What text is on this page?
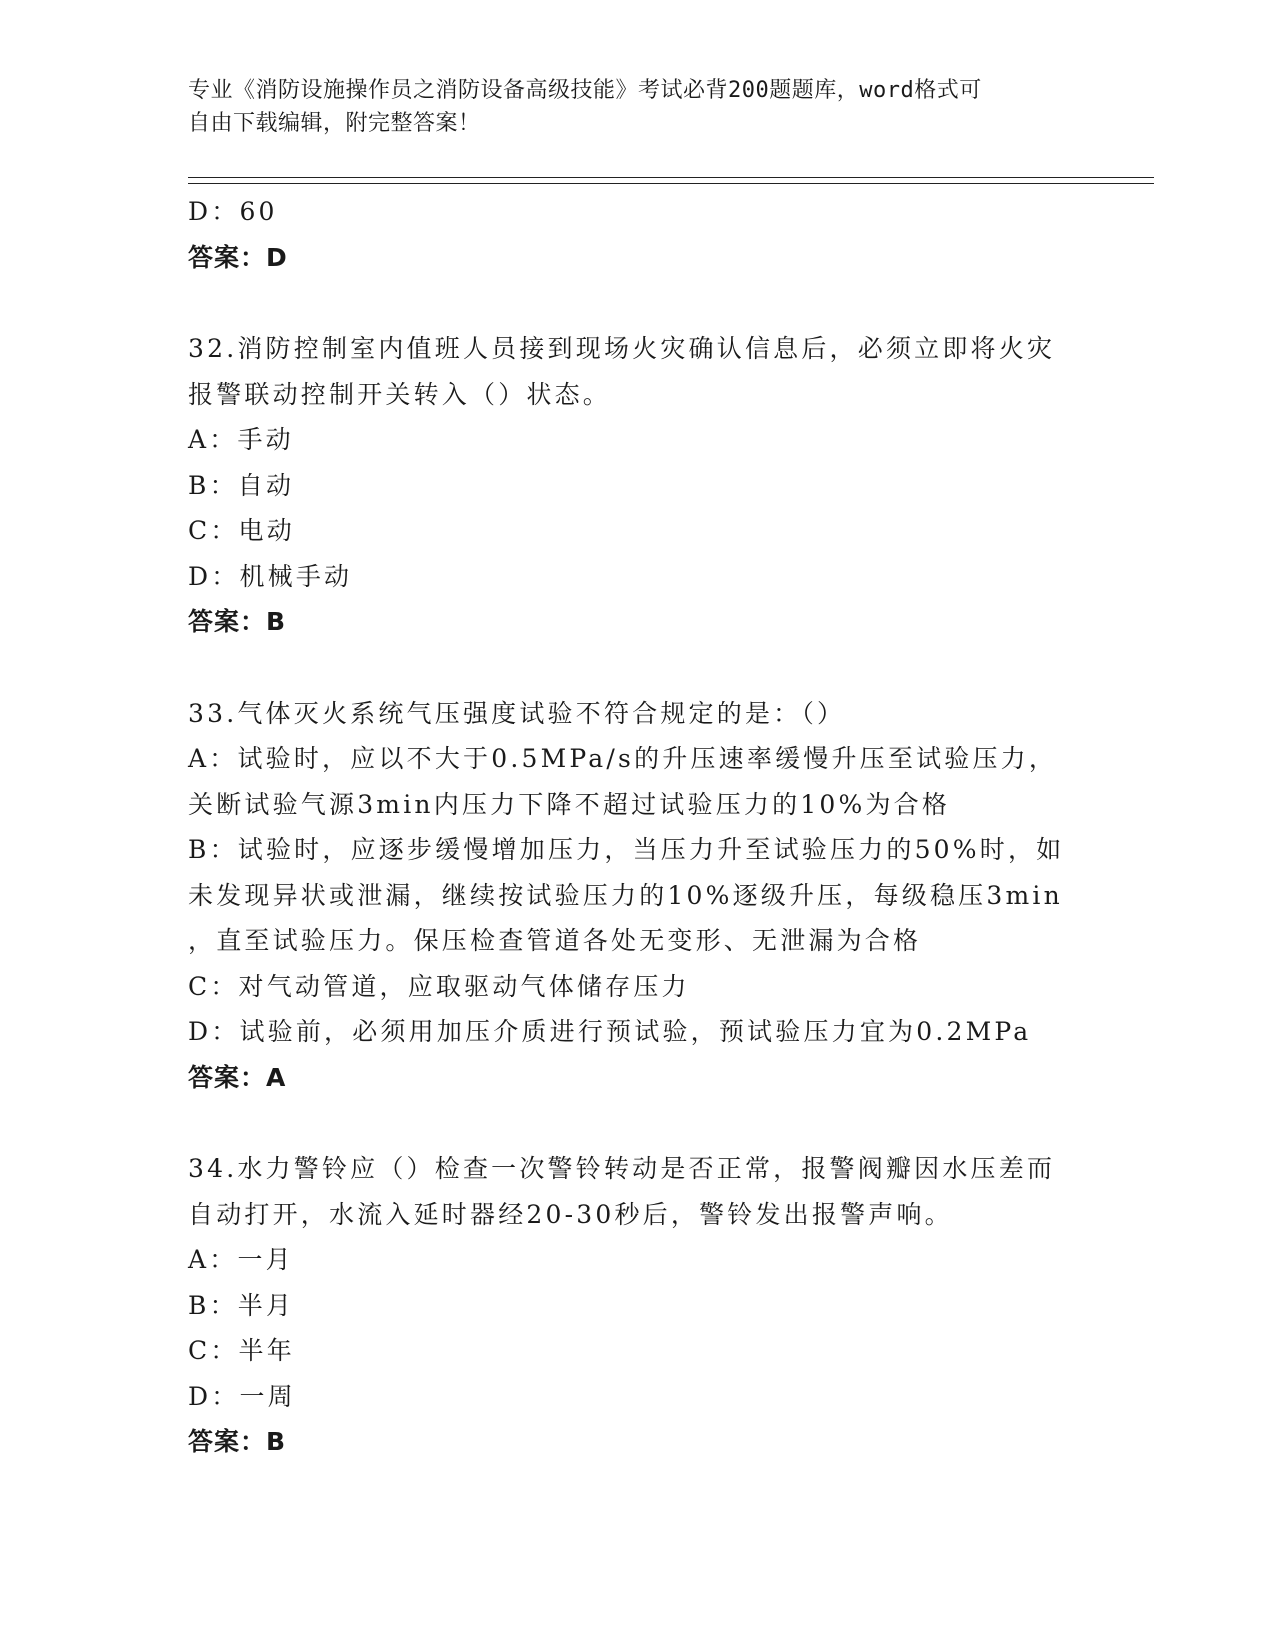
专业《消防设施操作员之消防设备高级技能》考试必背200题题库，word格式可
自由下载编辑，附完整答案！
D：60
答案：D
32.消防控制室内值班人员接到现场火灾确认信息后，必须立即将火灾
报警联动控制开关转入（）状态。
A：手动
B：自动
C：电动
D：机械手动
答案：B
33.气体灭火系统气压强度试验不符合规定的是：（）
A：试验时，应以不大于0.5MPa/s的升压速率缓慢升压至试验压力，
关断试验气源3min内压力下降不超过试验压力的10%为合格
B：试验时，应逐步缓慢增加压力，当压力升至试验压力的50%时，如
未发现异状或泄漏，继续按试验压力的10%逐级升压，每级稳压3min
，直至试验压力。保压检查管道各处无变形、无泄漏为合格
C：对气动管道，应取驱动气体储存压力
D：试验前，必须用加压介质进行预试验，预试验压力宜为0.2MPa
答案：A
34.水力警铃应（）检查一次警铃转动是否正常，报警阀瓣因水压差而
自动打开，水流入延时器经20-30秒后，警铃发出报警声响。
A：一月
B：半月
C：半年
D：一周
答案：B
